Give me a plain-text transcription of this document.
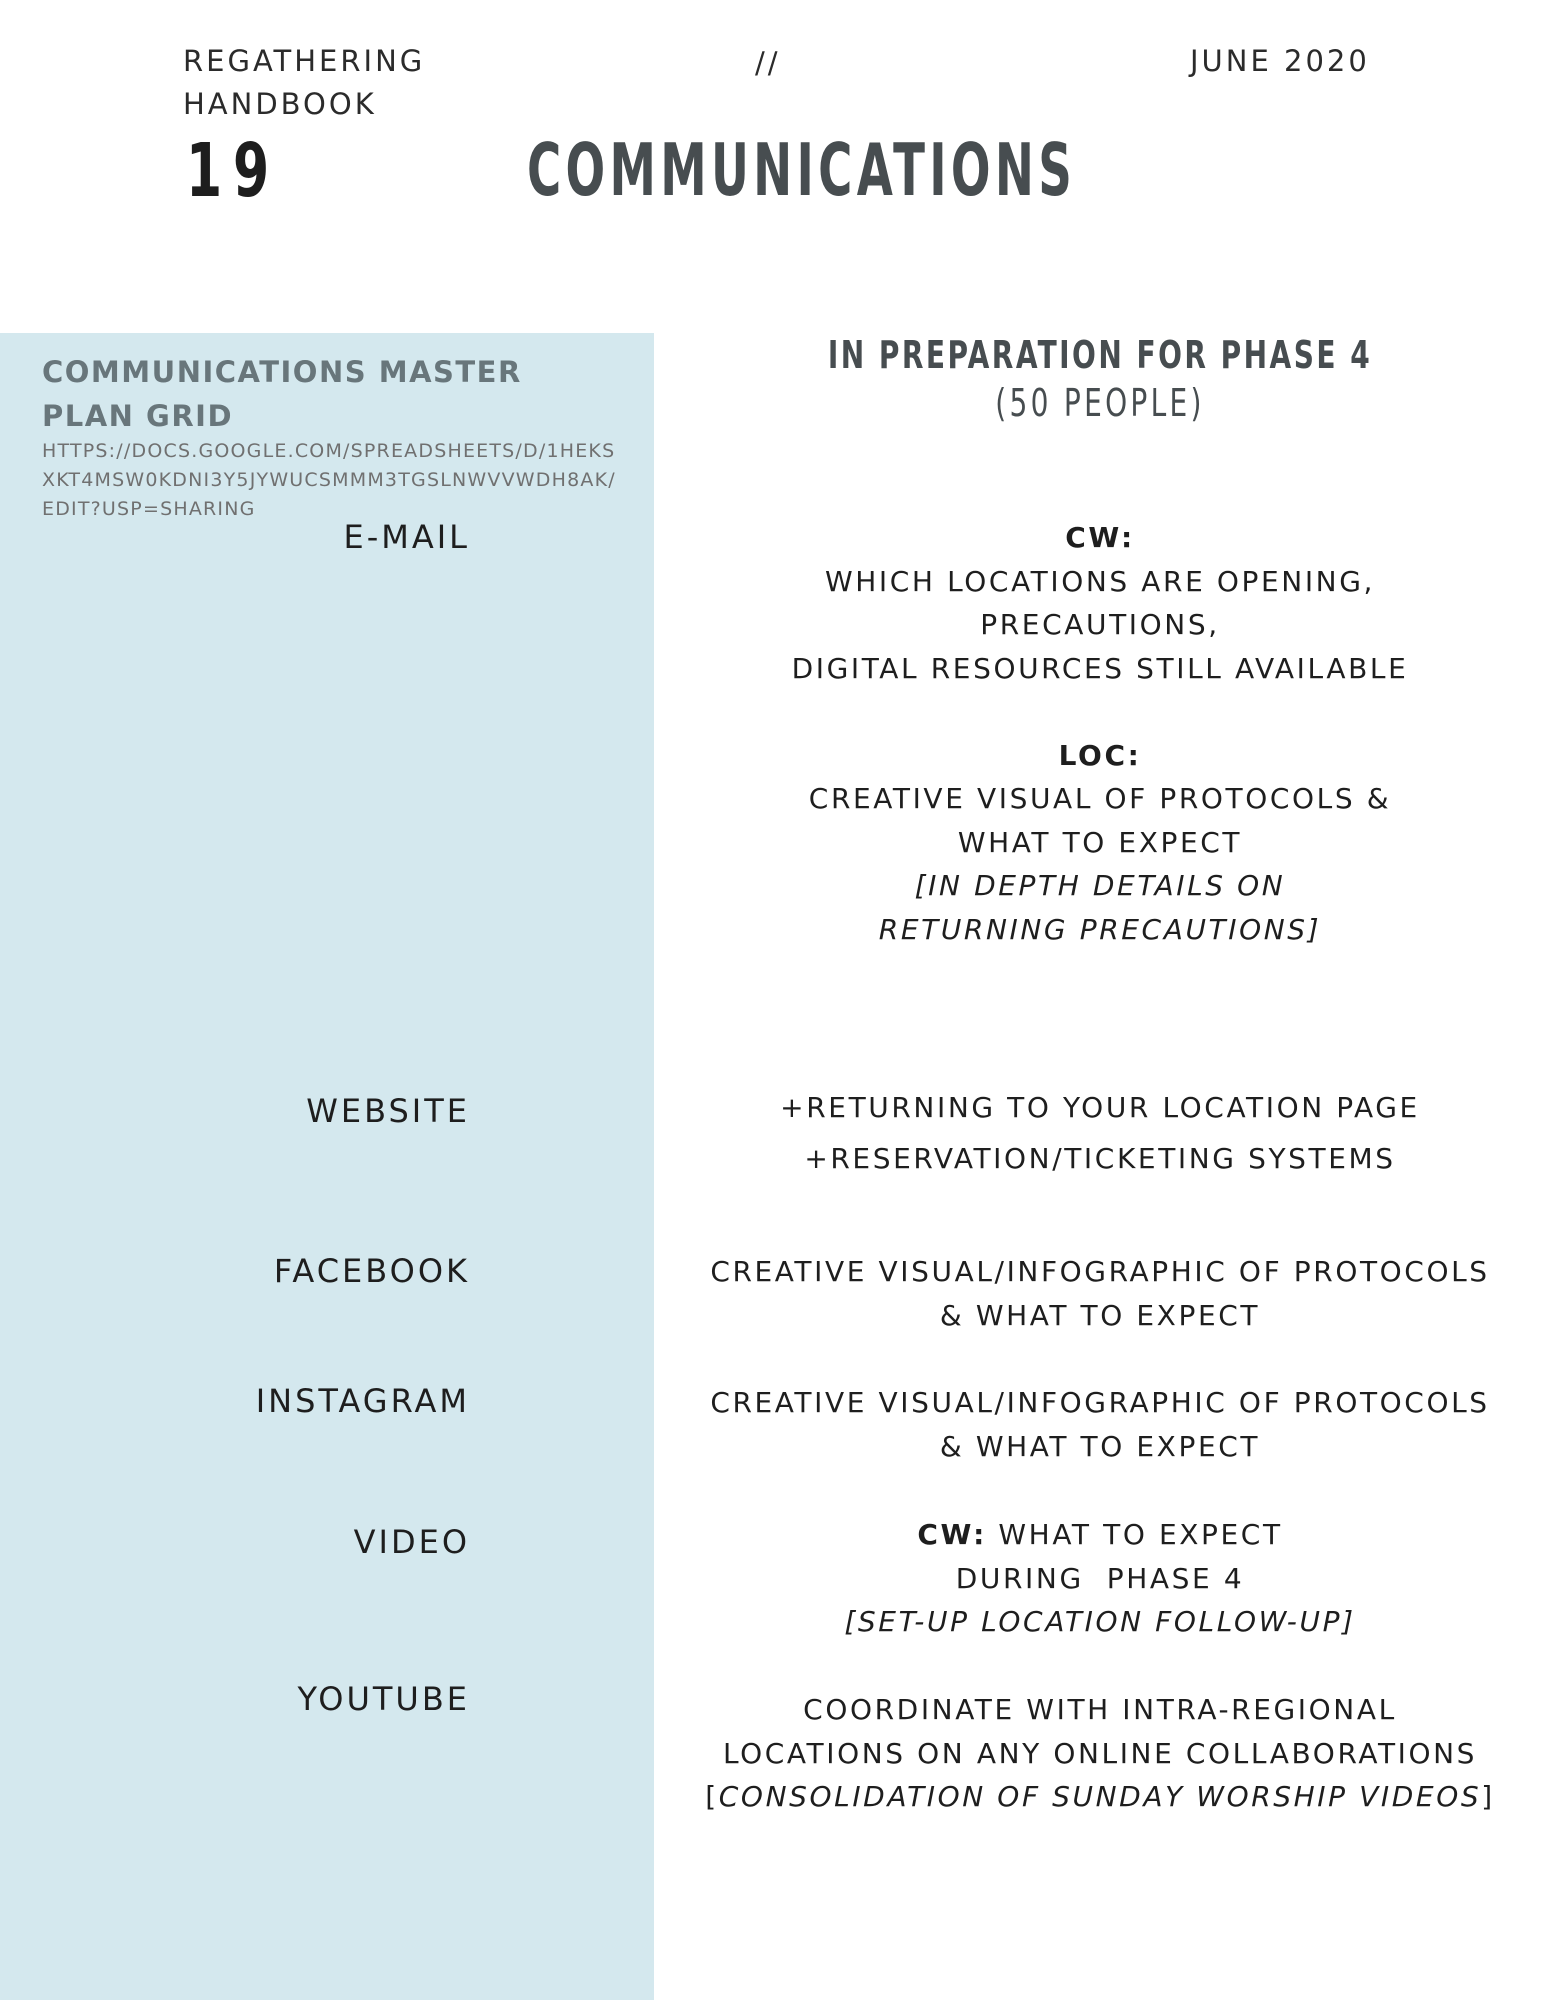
REGATHERING
HANDBOOK
//	JUNE 2020
19	COMMUNICATIONS
COMMUNICATIONS MASTER PLAN GRID
HTTPS://DOCS.GOOGLE.COM/SPREADSHEETS/D/1HEKSXKT4MSW0KDNI3Y5JYWUCSMMM3TGSLNWVVWDH8AK/EDIT?USP=SHARING
E-MAIL
WEBSITE
FACEBOOK
INSTAGRAM
VIDEO
YOUTUBE
IN PREPARATION FOR PHASE 4
(50 PEOPLE)
CW:
WHICH LOCATIONS ARE OPENING,
PRECAUTIONS,
DIGITAL RESOURCES STILL AVAILABLE
LOC:
CREATIVE VISUAL OF PROTOCOLS &
WHAT TO EXPECT
[IN DEPTH DETAILS ON
RETURNING PRECAUTIONS]
+RETURNING TO YOUR LOCATION PAGE
+RESERVATION/TICKETING SYSTEMS
CREATIVE VISUAL/INFOGRAPHIC OF PROTOCOLS
& WHAT TO EXPECT
CREATIVE VISUAL/INFOGRAPHIC OF PROTOCOLS
& WHAT TO EXPECT
CW: WHAT TO EXPECT
DURING  PHASE 4
[SET-UP LOCATION FOLLOW-UP]
COORDINATE WITH INTRA-REGIONAL
LOCATIONS ON ANY ONLINE COLLABORATIONS
[CONSOLIDATION OF SUNDAY WORSHIP VIDEOS]
